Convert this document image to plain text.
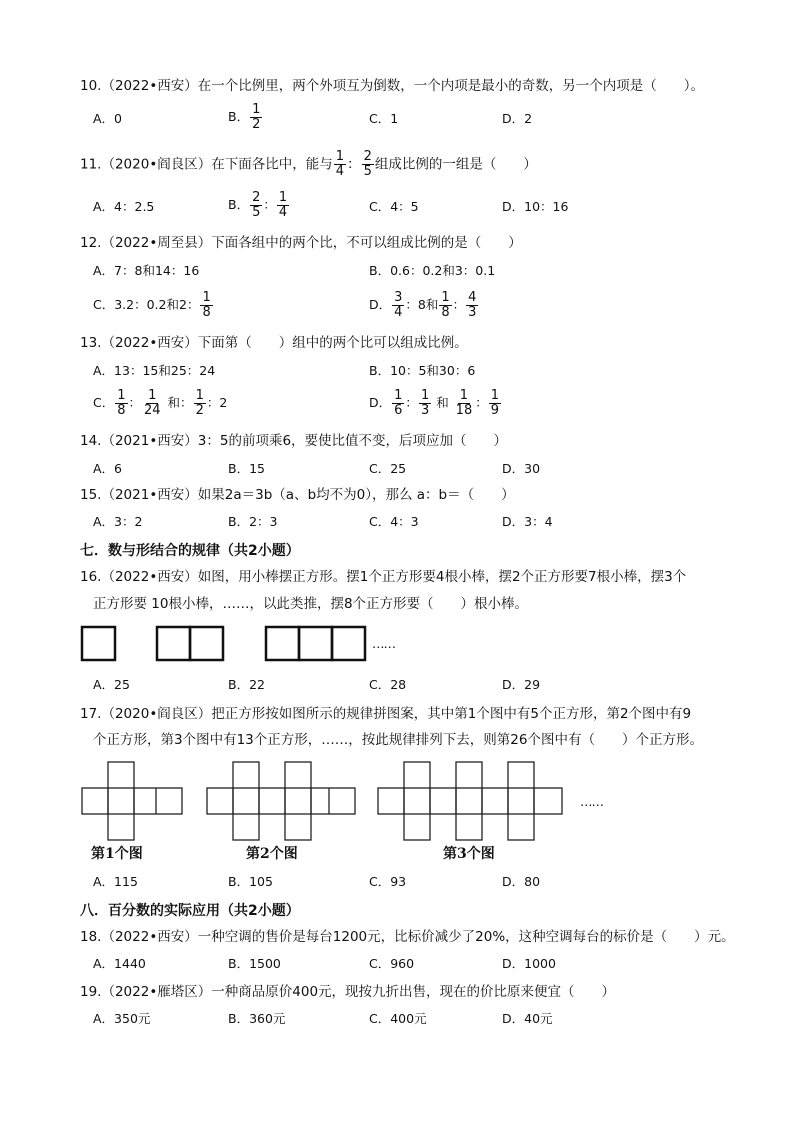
10.（2022•西安）在一个比例里，两个外项互为倒数，一个内项是最小的奇数，另一个内项是（　　）。
A．0	B． $\frac{1}{2}$	C．1	D．2
11.（2020•阎良区）在下面各比中，能与 $\frac{1}{4}$ ： $\frac{2}{5}$ 组成比例的一组是（　　）
A．4：2.5	B． $\frac{2}{5}$ ： $\frac{1}{4}$	C．4：5	D．10：16
12.（2022•周至县）下面各组中的两个比，不可以组成比例的是（　　）
A．7：8和14：16	B．0.6：0.2和3：0.1
C．3.2：0.2和2： $\frac{1}{8}$	D． $\frac{3}{4}$ ：8和 $\frac{1}{8}$ ： $\frac{4}{3}$
13.（2022•西安）下面第（　　）组中的两个比可以组成比例。
A．13：15和25：24	B．10：5和30：6
C． $\frac{1}{8}$ ： $\frac{1}{24}$ 和： $\frac{1}{2}$ ：2	D． $\frac{1}{6}$ ： $\frac{1}{3}$ 和 $\frac{1}{18}$ ： $\frac{1}{9}$
14.（2021•西安）3：5的前项乘6，要使比值不变，后项应加（　　）
A．6	B．15	C．25	D．30
15.（2021•西安）如果2a＝3b（a、b均不为0），那么 a：b＝（　　）
A．3：2	B．2：3	C．4：3	D．3：4
七．数与形结合的规律（共2小题）
16.（2022•西安）如图，用小棒摆正方形。摆1个正方形要4根小棒，摆2个正方形要7根小棒，摆3个
正方形要 10根小棒，……，以此类推，摆8个正方形要（　　）根小棒。
……
A．25	B．22	C．28	D．29
17.（2020•阎良区）把正方形按如图所示的规律拼图案，其中第1个图中有5个正方形，第2个图中有9
个正方形，第3个图中有13个正方形，……，按此规律排列下去，则第26个图中有（　　）个正方形。
……
第1个图	第2个图	第3个图
A．115	B．105	C．93	D．80
八．百分数的实际应用（共2小题）
18.（2022•西安）一种空调的售价是每台1200元，比标价减少了20%，这种空调每台的标价是（　　）元。
A．1440	B．1500	C．960	D．1000
19.（2022•雁塔区）一种商品原价400元，现按九折出售，现在的价比原来便宜（　　）
A．350元	B．360元	C．400元	D．40元
